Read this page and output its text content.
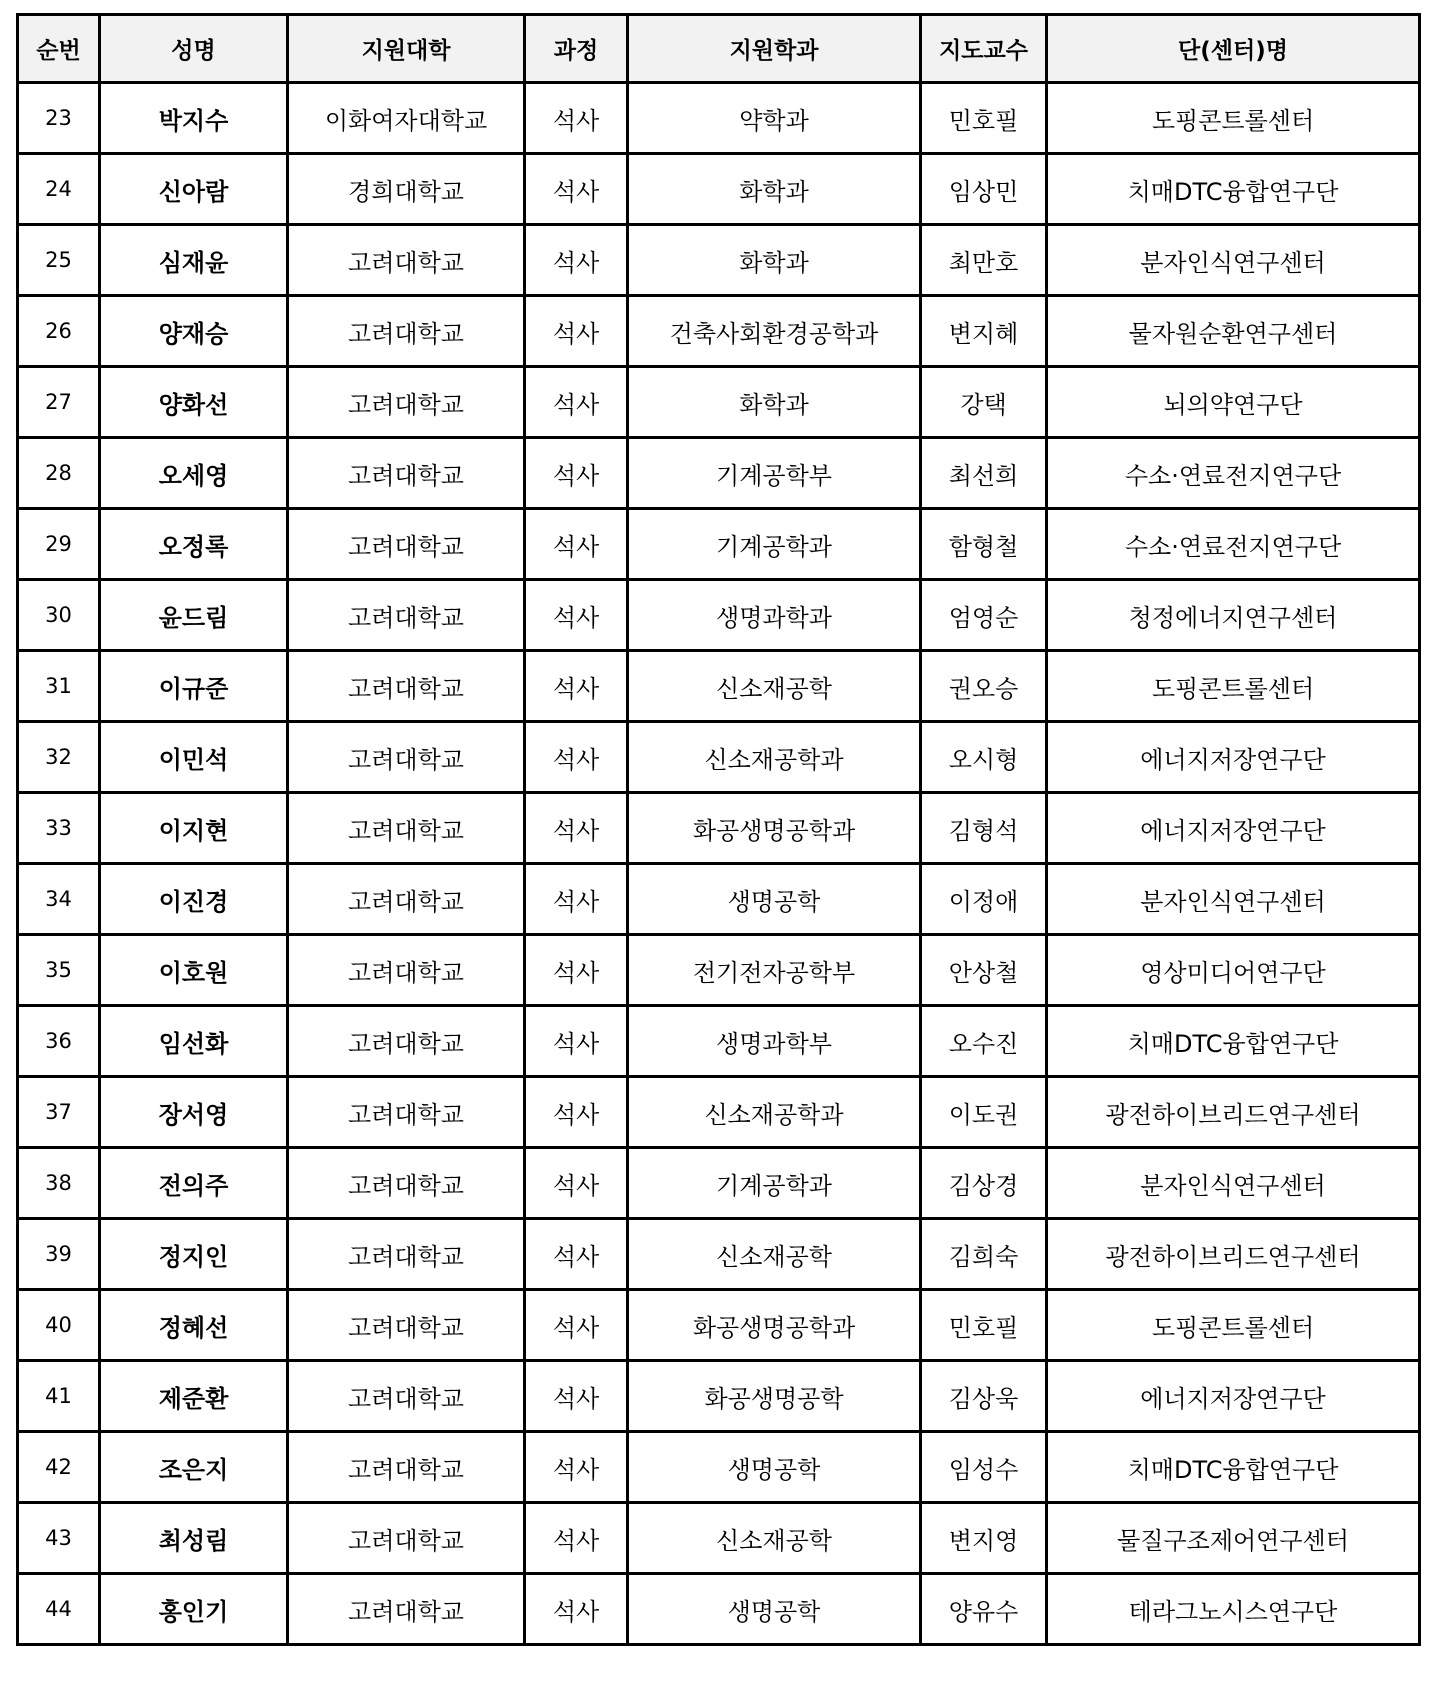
순번	성명	지원대학	과정	지원학과	지도교수	단(센터)명
23	박지수	이화여자대학교	석사	약학과	민호필	도핑콘트롤센터
24	신아람	경희대학교	석사	화학과	임상민	치매DTC융합연구단
25	심재윤	고려대학교	석사	화학과	최만호	분자인식연구센터
26	양재승	고려대학교	석사	건축사회환경공학과	변지혜	물자원순환연구센터
27	양화선	고려대학교	석사	화학과	강택	뇌의약연구단
28	오세영	고려대학교	석사	기계공학부	최선희	수소·연료전지연구단
29	오정록	고려대학교	석사	기계공학과	함형철	수소·연료전지연구단
30	윤드림	고려대학교	석사	생명과학과	엄영순	청정에너지연구센터
31	이규준	고려대학교	석사	신소재공학	권오승	도핑콘트롤센터
32	이민석	고려대학교	석사	신소재공학과	오시형	에너지저장연구단
33	이지현	고려대학교	석사	화공생명공학과	김형석	에너지저장연구단
34	이진경	고려대학교	석사	생명공학	이정애	분자인식연구센터
35	이호원	고려대학교	석사	전기전자공학부	안상철	영상미디어연구단
36	임선화	고려대학교	석사	생명과학부	오수진	치매DTC융합연구단
37	장서영	고려대학교	석사	신소재공학과	이도권	광전하이브리드연구센터
38	전의주	고려대학교	석사	기계공학과	김상경	분자인식연구센터
39	정지인	고려대학교	석사	신소재공학	김희숙	광전하이브리드연구센터
40	정혜선	고려대학교	석사	화공생명공학과	민호필	도핑콘트롤센터
41	제준환	고려대학교	석사	화공생명공학	김상욱	에너지저장연구단
42	조은지	고려대학교	석사	생명공학	임성수	치매DTC융합연구단
43	최성림	고려대학교	석사	신소재공학	변지영	물질구조제어연구센터
44	홍인기	고려대학교	석사	생명공학	양유수	테라그노시스연구단
